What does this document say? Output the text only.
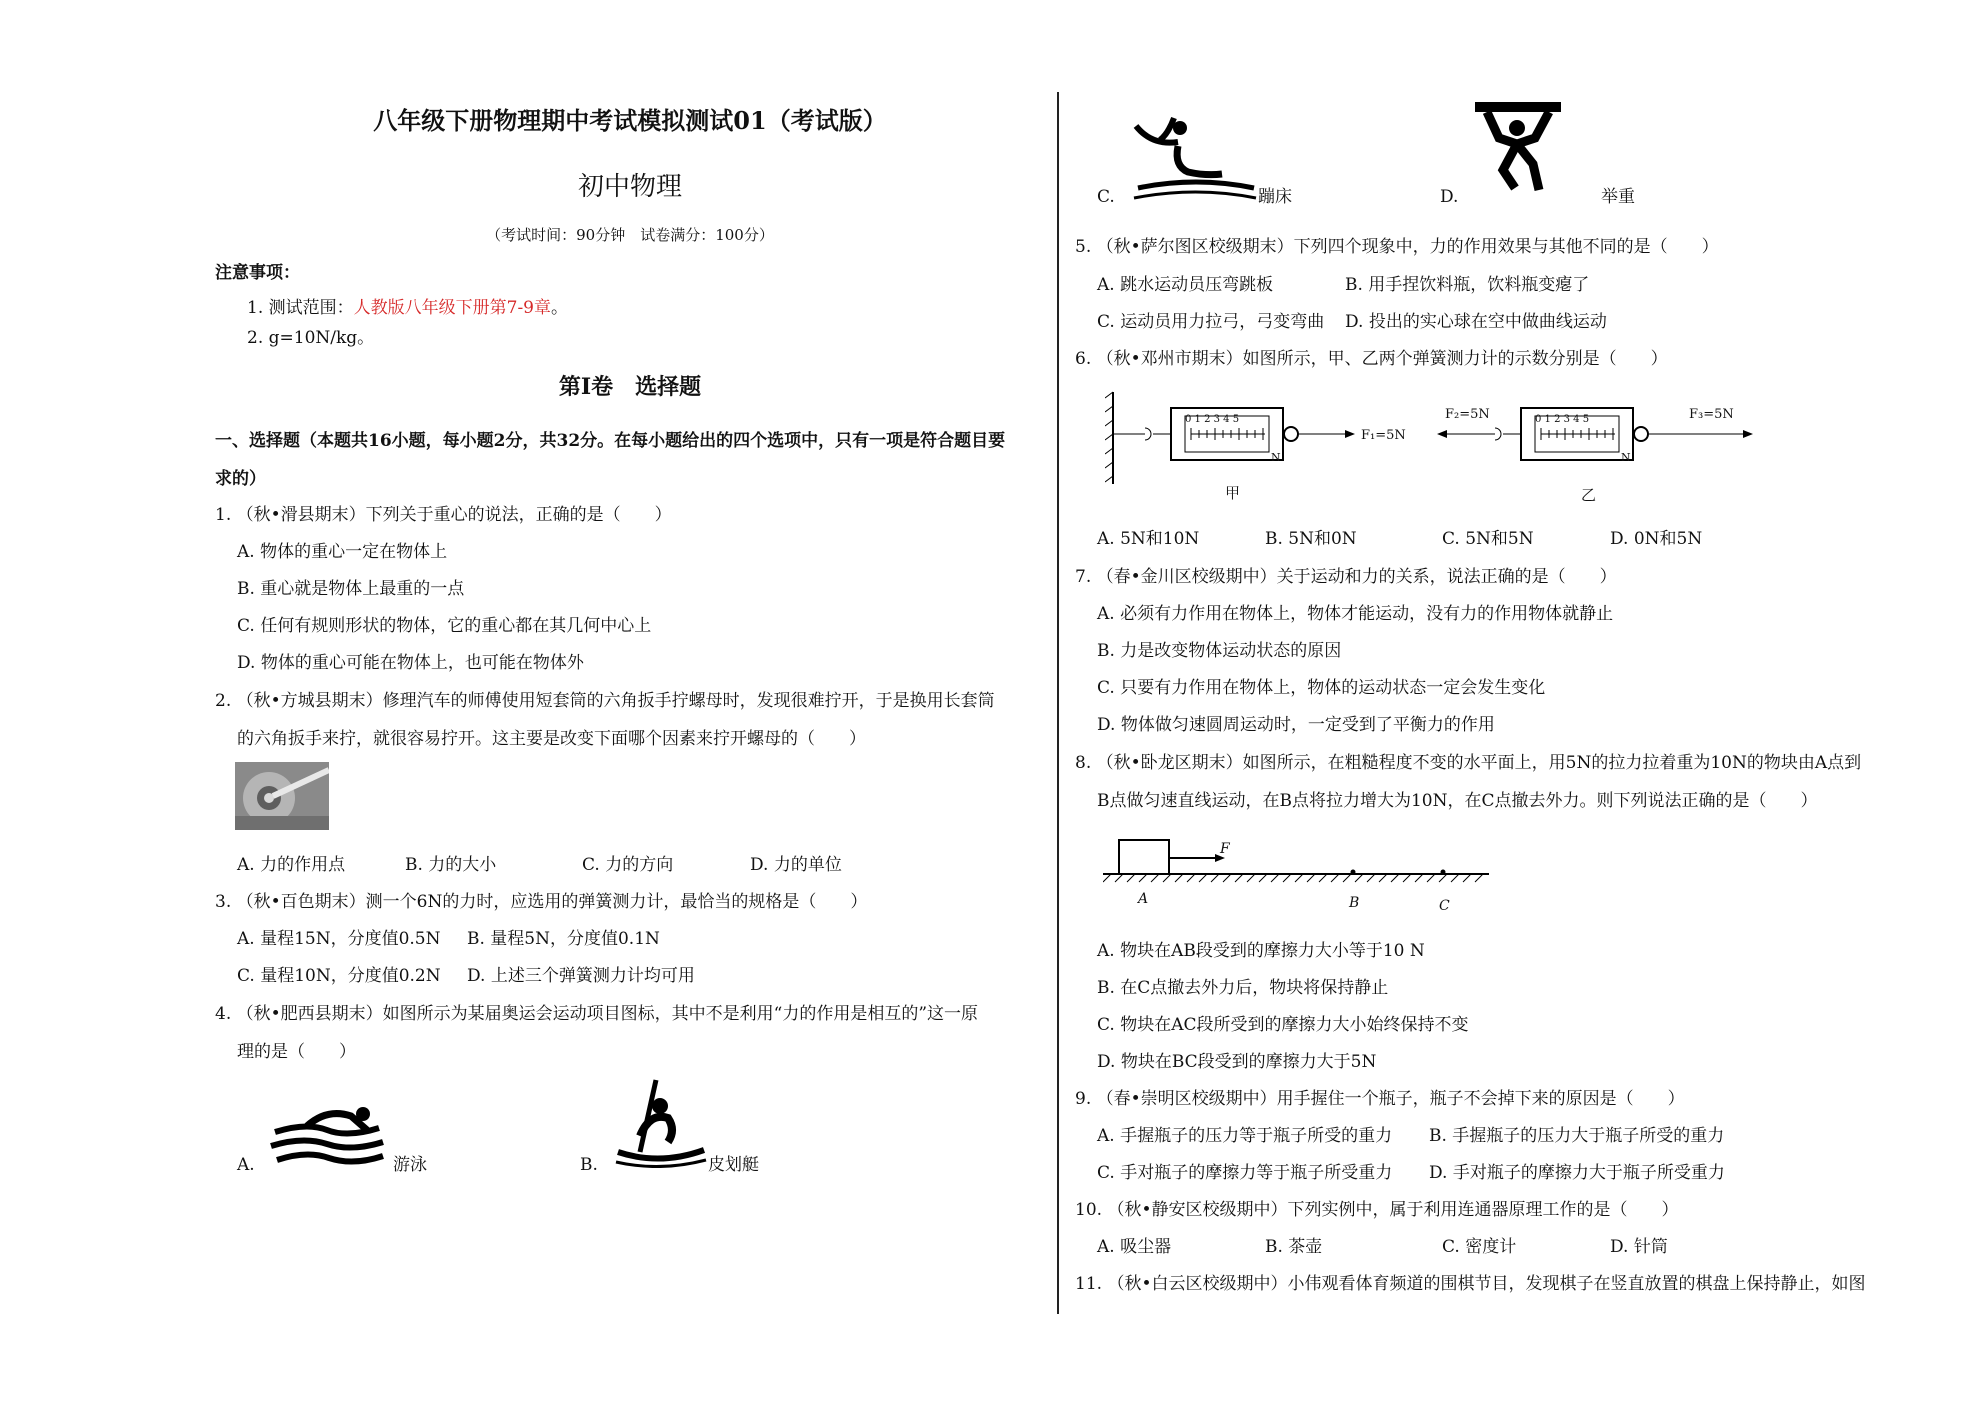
八年级下册物理期中考试模拟测试01（考试版）
初中物理
（考试时间：90分钟　试卷满分：100分）
注意事项：
1. 测试范围：人教版八年级下册第7-9章。
2. g=10N/kg。
第Ⅰ卷　选择题
一、选择题（本题共16小题，每小题2分，共32分。在每小题给出的四个选项中，只有一项是符合题目要
求的）
1. （秋•滑县期末）下列关于重心的说法，正确的是（　　）
A. 物体的重心一定在物体上
B. 重心就是物体上最重的一点
C. 任何有规则形状的物体，它的重心都在其几何中心上
D. 物体的重心可能在物体上，也可能在物体外
2. （秋•方城县期末）修理汽车的师傅使用短套筒的六角扳手拧螺母时，发现很难拧开，于是换用长套筒
的六角扳手来拧，就很容易拧开。这主要是改变下面哪个因素来拧开螺母的（　　）
A. 力的作用点	B. 力的大小	C. 力的方向	D. 力的单位
3. （秋•百色期末）测一个6N的力时，应选用的弹簧测力计，最恰当的规格是（　　）
A. 量程15N，分度值0.5N B. 量程5N，分度值0.1N
C. 量程10N，分度值0.2N D. 上述三个弹簧测力计均可用
4. （秋•肥西县期末）如图所示为某届奥运会运动项目图标，其中不是利用“力的作用是相互的”这一原
理的是（　　）
A.	游泳	B.	皮划艇
C.	蹦床	D.	举重
5. （秋•萨尔图区校级期末）下列四个现象中，力的作用效果与其他不同的是（　　）
A. 跳水运动员压弯跳板	B. 用手捏饮料瓶，饮料瓶变瘪了
C. 运动员用力拉弓，弓变弯曲 D. 投出的实心球在空中做曲线运动
6. （秋•邓州市期末）如图所示，甲、乙两个弹簧测力计的示数分别是（　　）
0 1 2 3 4 5
N
F₁=5N
甲
0 1 2 3 4 5
N
F₂=5N	F₃=5N
乙
A. 5N和10N	B. 5N和0N	C. 5N和5N	D. 0N和5N
7. （春•金川区校级期中）关于运动和力的关系，说法正确的是（　　）
A. 必须有力作用在物体上，物体才能运动，没有力的作用物体就静止
B. 力是改变物体运动状态的原因
C. 只要有力作用在物体上，物体的运动状态一定会发生变化
D. 物体做匀速圆周运动时，一定受到了平衡力的作用
8. （秋•卧龙区期末）如图所示，在粗糙程度不变的水平面上，用5N的拉力拉着重为10N的物块由A点到
B点做匀速直线运动，在B点将拉力增大为10N，在C点撤去外力。则下列说法正确的是（　　）
F
A	B	C
A. 物块在AB段受到的摩擦力大小等于10 N
B. 在C点撤去外力后，物块将保持静止
C. 物块在AC段所受到的摩擦力大小始终保持不变
D. 物块在BC段受到的摩擦力大于5N
9. （春•崇明区校级期中）用手握住一个瓶子，瓶子不会掉下来的原因是（　　）
A. 手握瓶子的压力等于瓶子所受的重力 B. 手握瓶子的压力大于瓶子所受的重力
C. 手对瓶子的摩擦力等于瓶子所受重力 D. 手对瓶子的摩擦力大于瓶子所受重力
10. （秋•静安区校级期中）下列实例中，属于利用连通器原理工作的是（　　）
A. 吸尘器	B. 茶壶	C. 密度计	D. 针筒
11. （秋•白云区校级期中）小伟观看体育频道的围棋节目，发现棋子在竖直放置的棋盘上保持静止，如图
